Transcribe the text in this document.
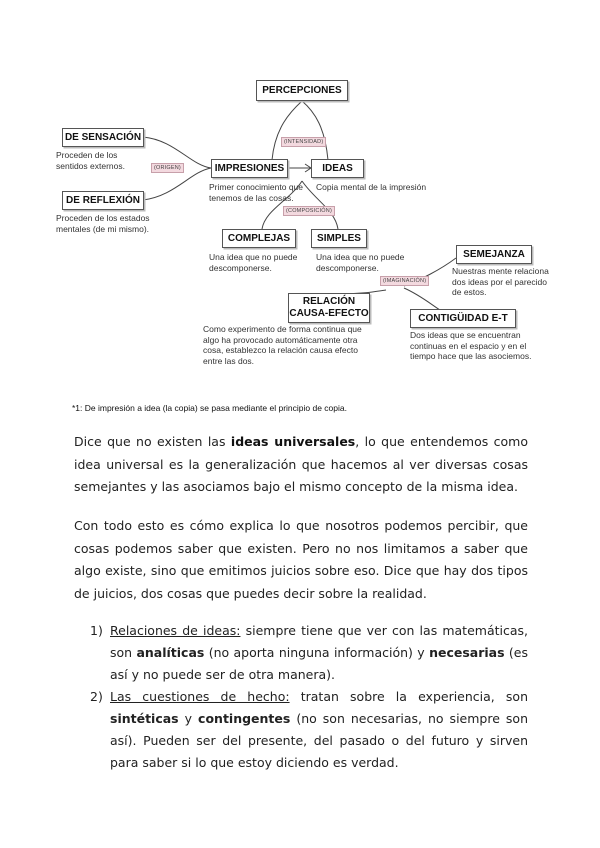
PERCEPCIONES
(INTENSIDAD)
DE SENSACIÓN
Proceden de los
sentidos externos.	(ORIGEN)	IMPRESIONES
Primer conocimiento que
tenemos de las cosas.
IDEAS
Copia mental de la impresión
DE REFLEXIÓN
Proceden de los estados
mentales (de mi mismo).
(COMPOSICIÓN)
COMPLEJAS
Una idea que no puede
descomponerse.
SIMPLES
Una idea que no puede
descomponerse.
SEMEJANZA
Nuestras mente relaciona
dos ideas por el parecido
de estos.
(IMAGINACIÓN)
RELACIÓN
CAUSA-EFECTO
Como experimento de forma continua que
algo ha provocado automáticamente otra
cosa, establezco la relación causa efecto
entre las dos.
CONTIGÜIDAD E-T
Dos ideas que se encuentran
continuas en el espacio y en el
tiempo hace que las asociemos.
*1: De impresión a idea (la copia) se pasa mediante el principio de copia.
Dice que no existen las ideas universales, lo que entendemos como idea universal es la generalización que hacemos al ver diversas cosas semejantes y las asociamos bajo el mismo concepto de la misma idea.
Con todo esto es cómo explica lo que nosotros podemos percibir, que cosas podemos saber que existen. Pero no nos limitamos a saber que algo existe, sino que emitimos juicios sobre eso. Dice que hay dos tipos de juicios, dos cosas que puedes decir sobre la realidad.
1) Relaciones de ideas: siempre tiene que ver con las matemáticas, son analíticas (no aporta ninguna información) y necesarias (es así y no puede ser de otra manera).
2) Las cuestiones de hecho: tratan sobre la experiencia, son sintéticas y contingentes (no son necesarias, no siempre son así). Pueden ser del presente, del pasado o del futuro y sirven para saber si lo que estoy diciendo es verdad.
